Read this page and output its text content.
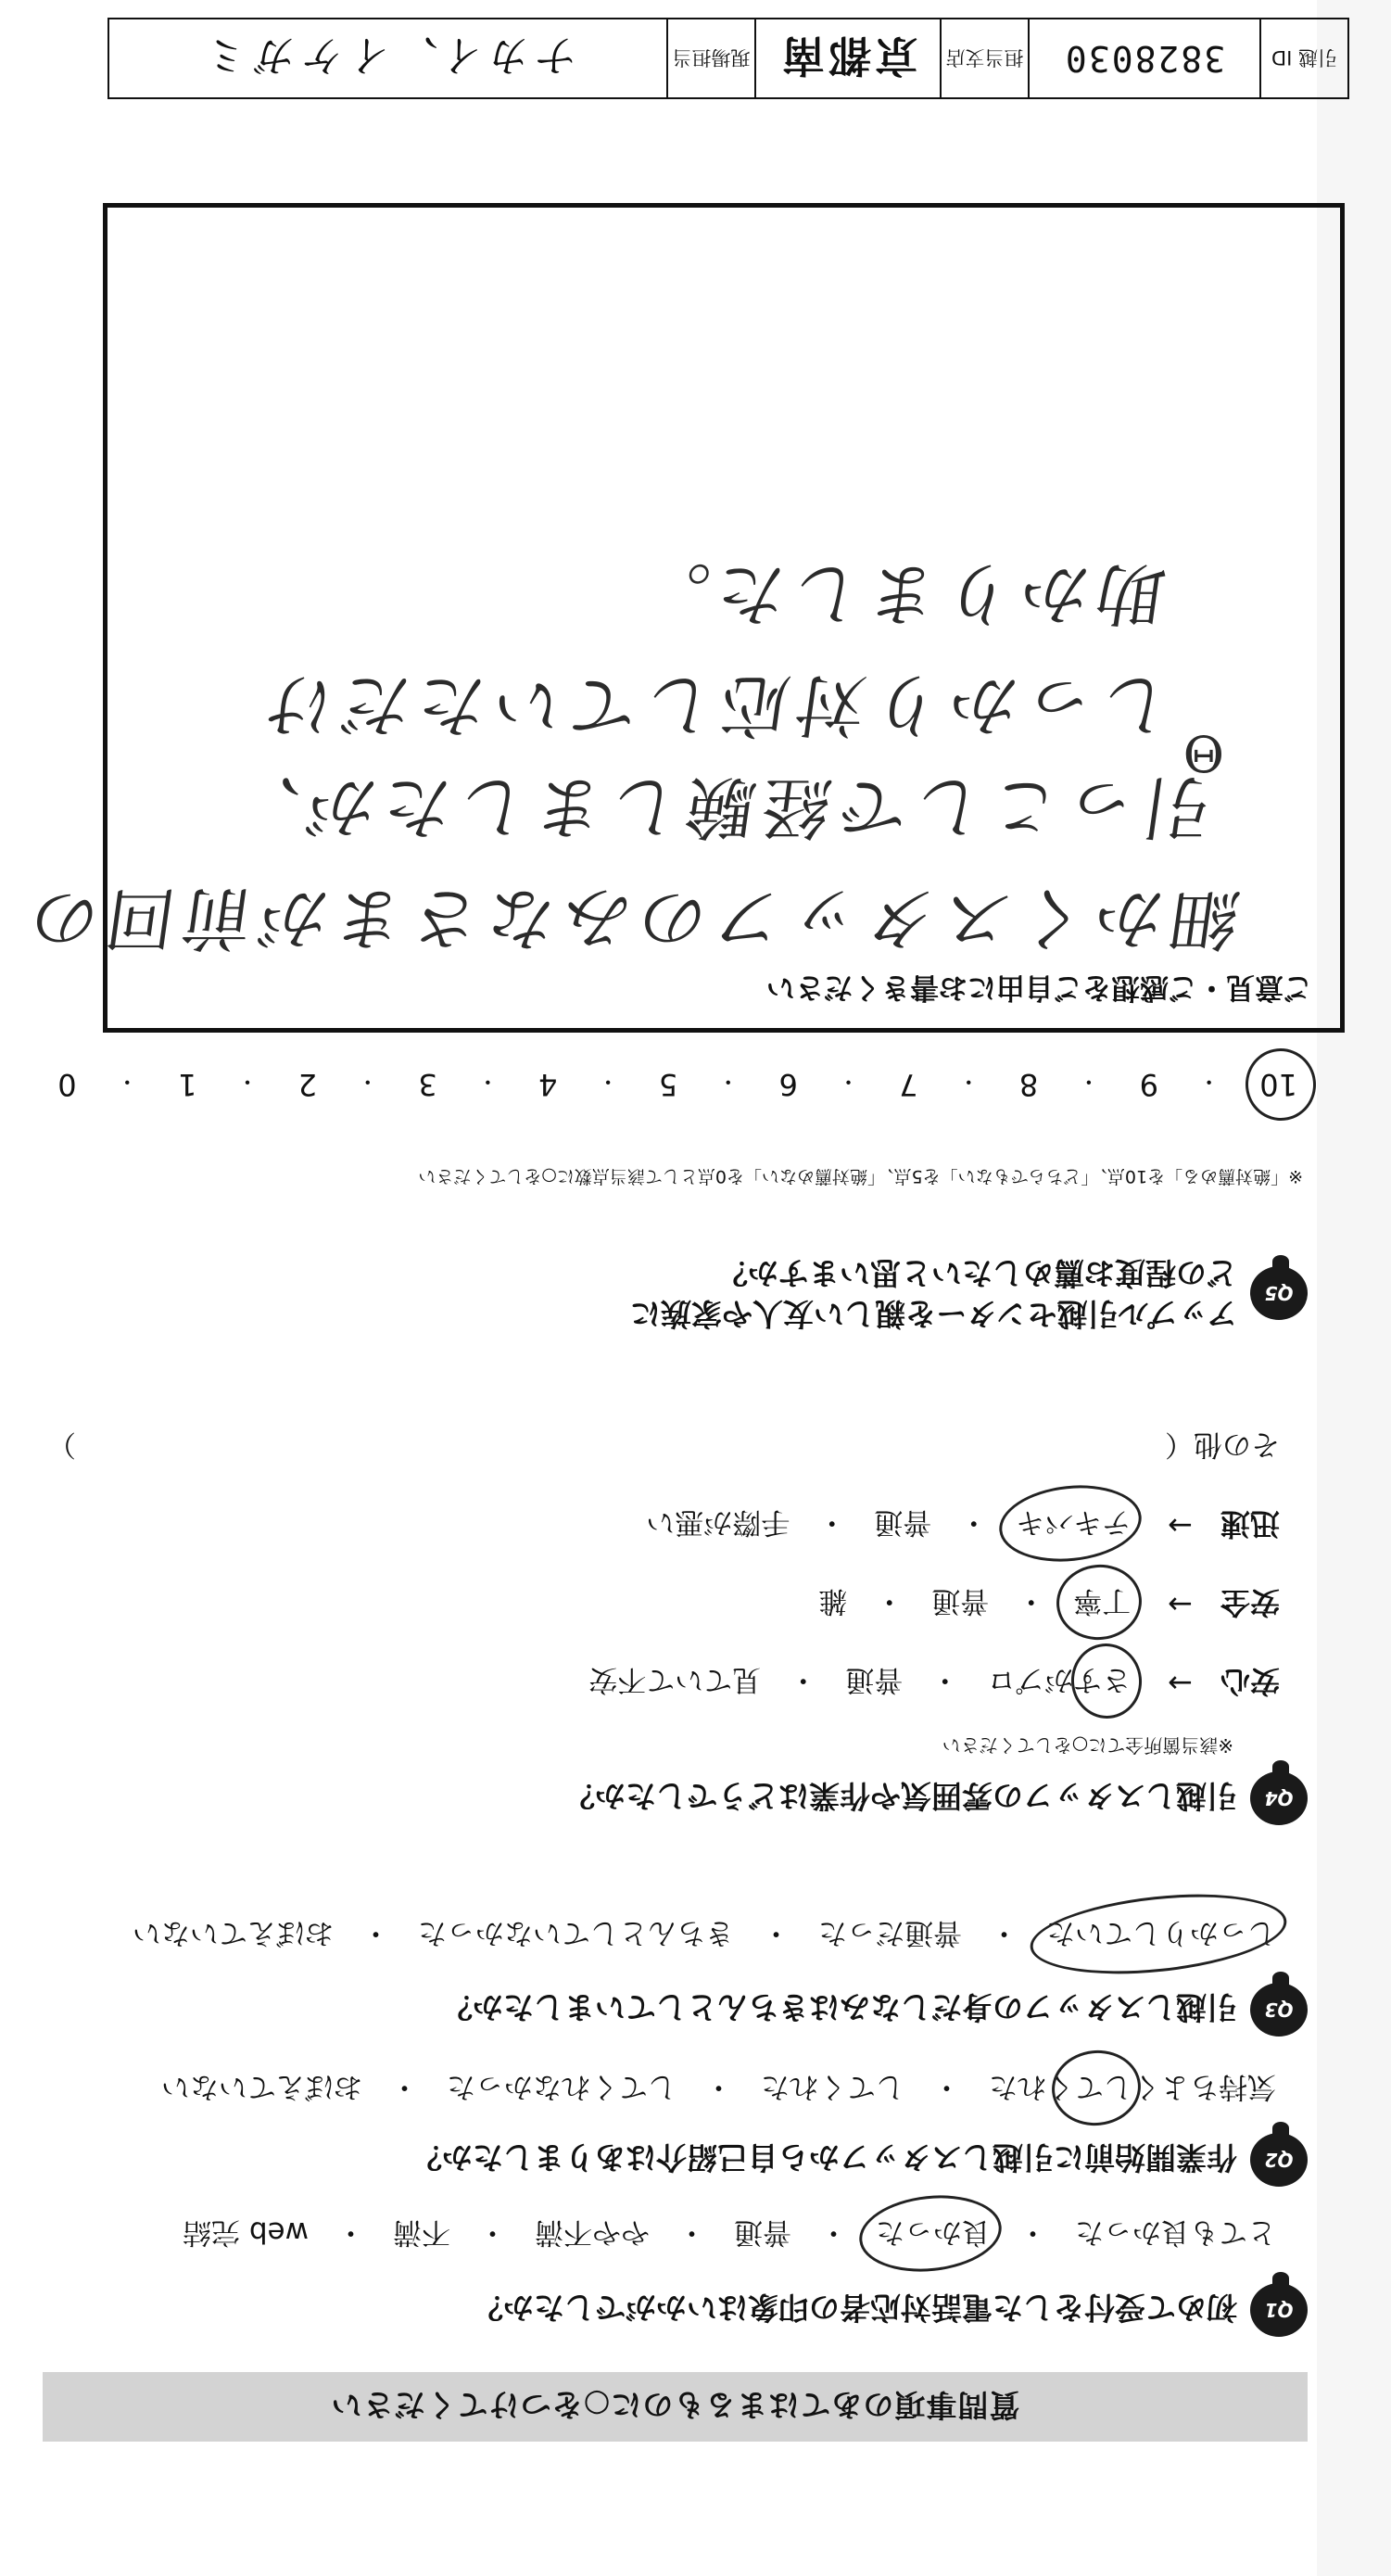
質問事項のあてはまるものに○をつけてください
Q1
初めて受付をした電話対応者の印象はいかがでしたか？
とても良かった
・
良かった
・
普通
・
やや不満
・
不満
・
web 完結
Q2
作業開始前に引越しスタッフから自己紹介はありましたか？
気持ちよくしてくれた
・
してくれた
・
してくれなかった
・
おぼえていない
Q3
引越しスタッフの身だしなみはきちんとしていましたか？
しっかりしていた
・
普通だった
・
きちんとしていなかった
・
おぼえていない
Q4
引越しスタッフの雰囲気や作業はどうでしたか？
※該当箇所全てに○をしてください
安心
→
さすがプロ
・
普通
・
見ていて不安
安全
→
丁寧
・
普通
・
雑
迅速
→
テキパキ
・
普通
・
手際が悪い
その他（

）
Q5
アップル引越センターを親しい友人や家族に
どの程度お薦めしたいと思いますか？
※「絶対薦める」を10点、「どちらでもない」を5点、「絶対薦めない」を0点として該当点数に○をしてください
10
・
9
・
8
・
7
・
6
・
5
・
4
・
3
・
2
・
1
・
0
ご意見・ご感想をご自由にお書きください
細かくスタッフのみなさまが前回の
引っこしで経験しましたが、
Θ
しっかり対応していただけ
助かりました。
引越 ID
3828030
担当支店
京都南
現場担当
ナカイ、イケガミ
